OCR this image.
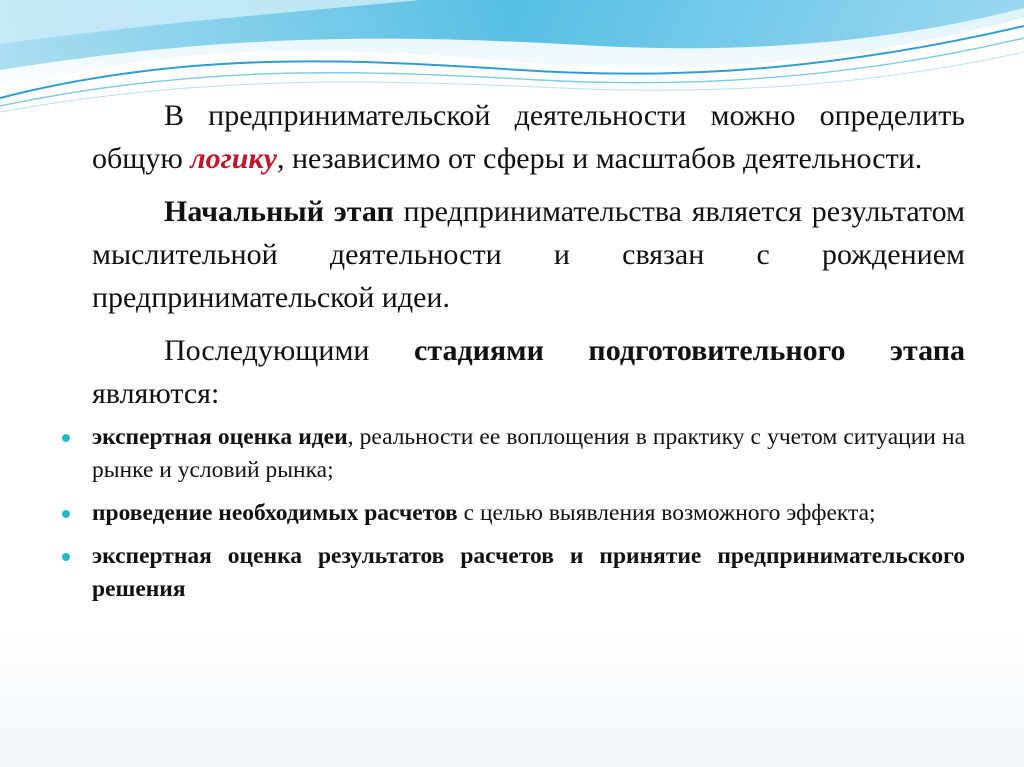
В предпринимательской деятельности можно определить общую логику, независимо от сферы и масштабов деятельности.

Начальный этап предпринимательства является результатом мыслительной деятельности и связан с рождением предпринимательской идеи.

Последующими стадиями подготовительного этапа являются:

экспертная оценка идеи, реальности ее воплощения в практику с учетом ситуации на рынке и условий рынка;
проведение необходимых расчетов с целью выявления возможного эффекта;
экспертная оценка результатов расчетов и принятие предпринимательского решения
